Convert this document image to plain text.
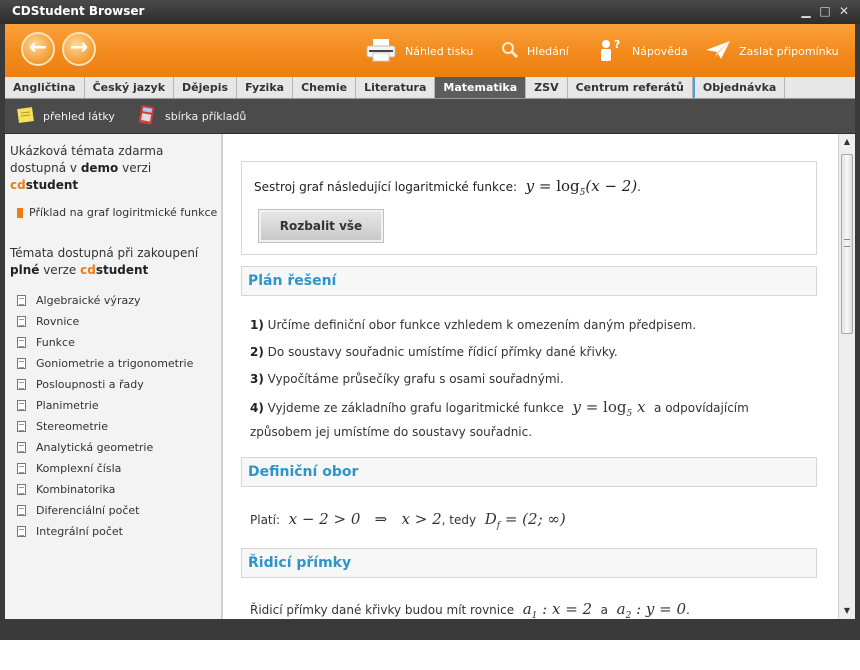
CDStudent Browser	▁ □ ✕
←	→	Náhled tisku	Hledání
?
Nápověda	Zaslat připomínku
Angličtina	Český jazyk	Dějepis	Fyzika	Chemie	Literatura	Matematika	ZSV	Centrum referátů	Objednávka
přehled látky	sbírka příkladů
Ukázková témata zdarma
dostupná v demo verzi
cdstudent
Příklad na graf logiritmické funkce
Témata dostupná při zakoupení
plné verze cdstudent
Algebraické výrazy
Rovnice
Funkce
Goniometrie a trigonometrie
Posloupnosti a řady
Planimetrie
Stereometrie
Analytická geometrie
Komplexní čísla
Kombinatorika
Diferenciální počet
Integrální počet
Sestroj graf následující logaritmické funkce:  $y = \log_5(x - 2)$.
Rozbalit vše
Plán řešení
1) Určíme definiční obor funkce vzhledem k omezením daným předpisem.
2) Do soustavy souřadnic umístíme řídicí přímky dané křivky.
3) Vypočítáme průsečíky grafu s osami souřadnými.
4) Vyjdeme ze základního grafu logaritmické funkce  $y = \log_5 x$  a odpovídajícím
způsobem jej umístíme do soustavy souřadnic.
Definiční obor
Platí:  x − 2 > 0   ⇒   x > 2, tedy  $D_f = (2$; ∞)
Řidicí přímky
Řidicí přímky dané křivky budou mít rovnice  $a_1$ : x = 2  a  $a_2$ : y = 0.
▲
▼
